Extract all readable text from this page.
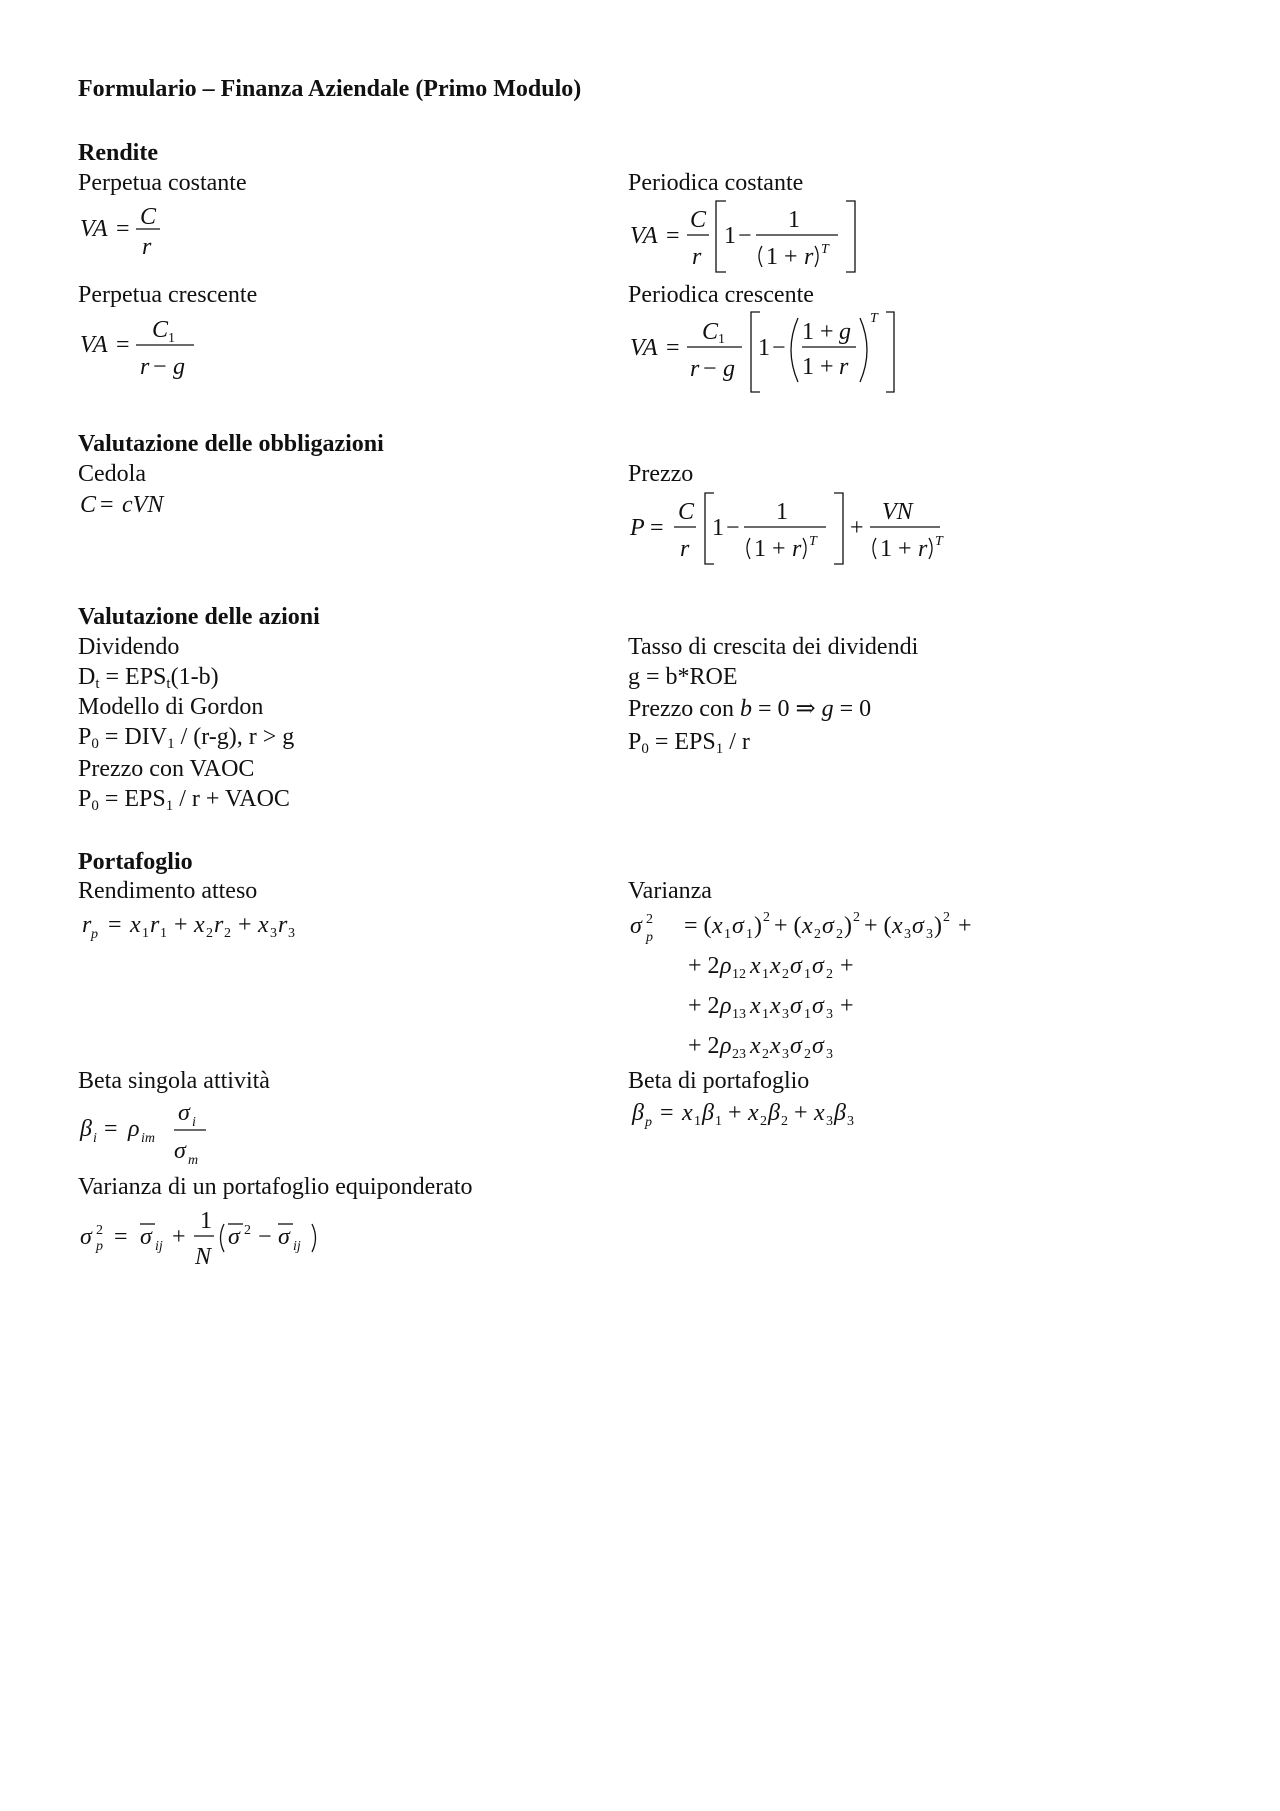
Formulario – Finanza Aziendale (Primo Modulo)
Rendite
Perpetua costante	Periodica costante
VA = C
r	VA =
C
r
1 −
1
1 + r T
Perpetua crescente	Periodica crescente
VA =
C 1
r − g
VA =
C 1
r − g
1 −
1 + g
1 + r
T
Valutazione delle obbligazioni
Cedola	Prezzo
C = cVN
P =
C
r
1 −
1
1 + r T
+
VN
1 + r T
Valutazione delle azioni
Dividendo	Tasso di crescita dei dividendi
$D_t = EPS_t(1-b)$	g = b*ROE
Modello di Gordon	Prezzo con b = 0 ⇒ g = 0
$P_0 = DIV_1 / (r-g)$, r > g	$P_0 = EPS_1 / r$
Prezzo con VAOC
$P_0 = EPS_1 / r$ + VAOC
Portafoglio
Rendimento atteso	Varianza
r p = x 1 r 1 + x 2 r 2 + x 3 r 3	σ 2
p = ( x 1 σ 1 ) 2 + ( x 2 σ 2 ) 2 + ( x 3 σ 3 ) 2 +
+ 2 ρ 12 x 1 x 2 σ 1 σ 2 +
+ 2 ρ 13 x 1 x 3 σ 1 σ 3 +
+ 2 ρ 23 x 2 x 3 σ 2 σ 3
Beta singola attività	Beta di portafoglio
β i = ρ im
σ i
σ m
β p = x 1 β 1 + x 2 β 2 + x 3 β 3
Varianza di un portafoglio equiponderato
σ 2
p = σ ij +
1
N
σ 2 − σ ij
